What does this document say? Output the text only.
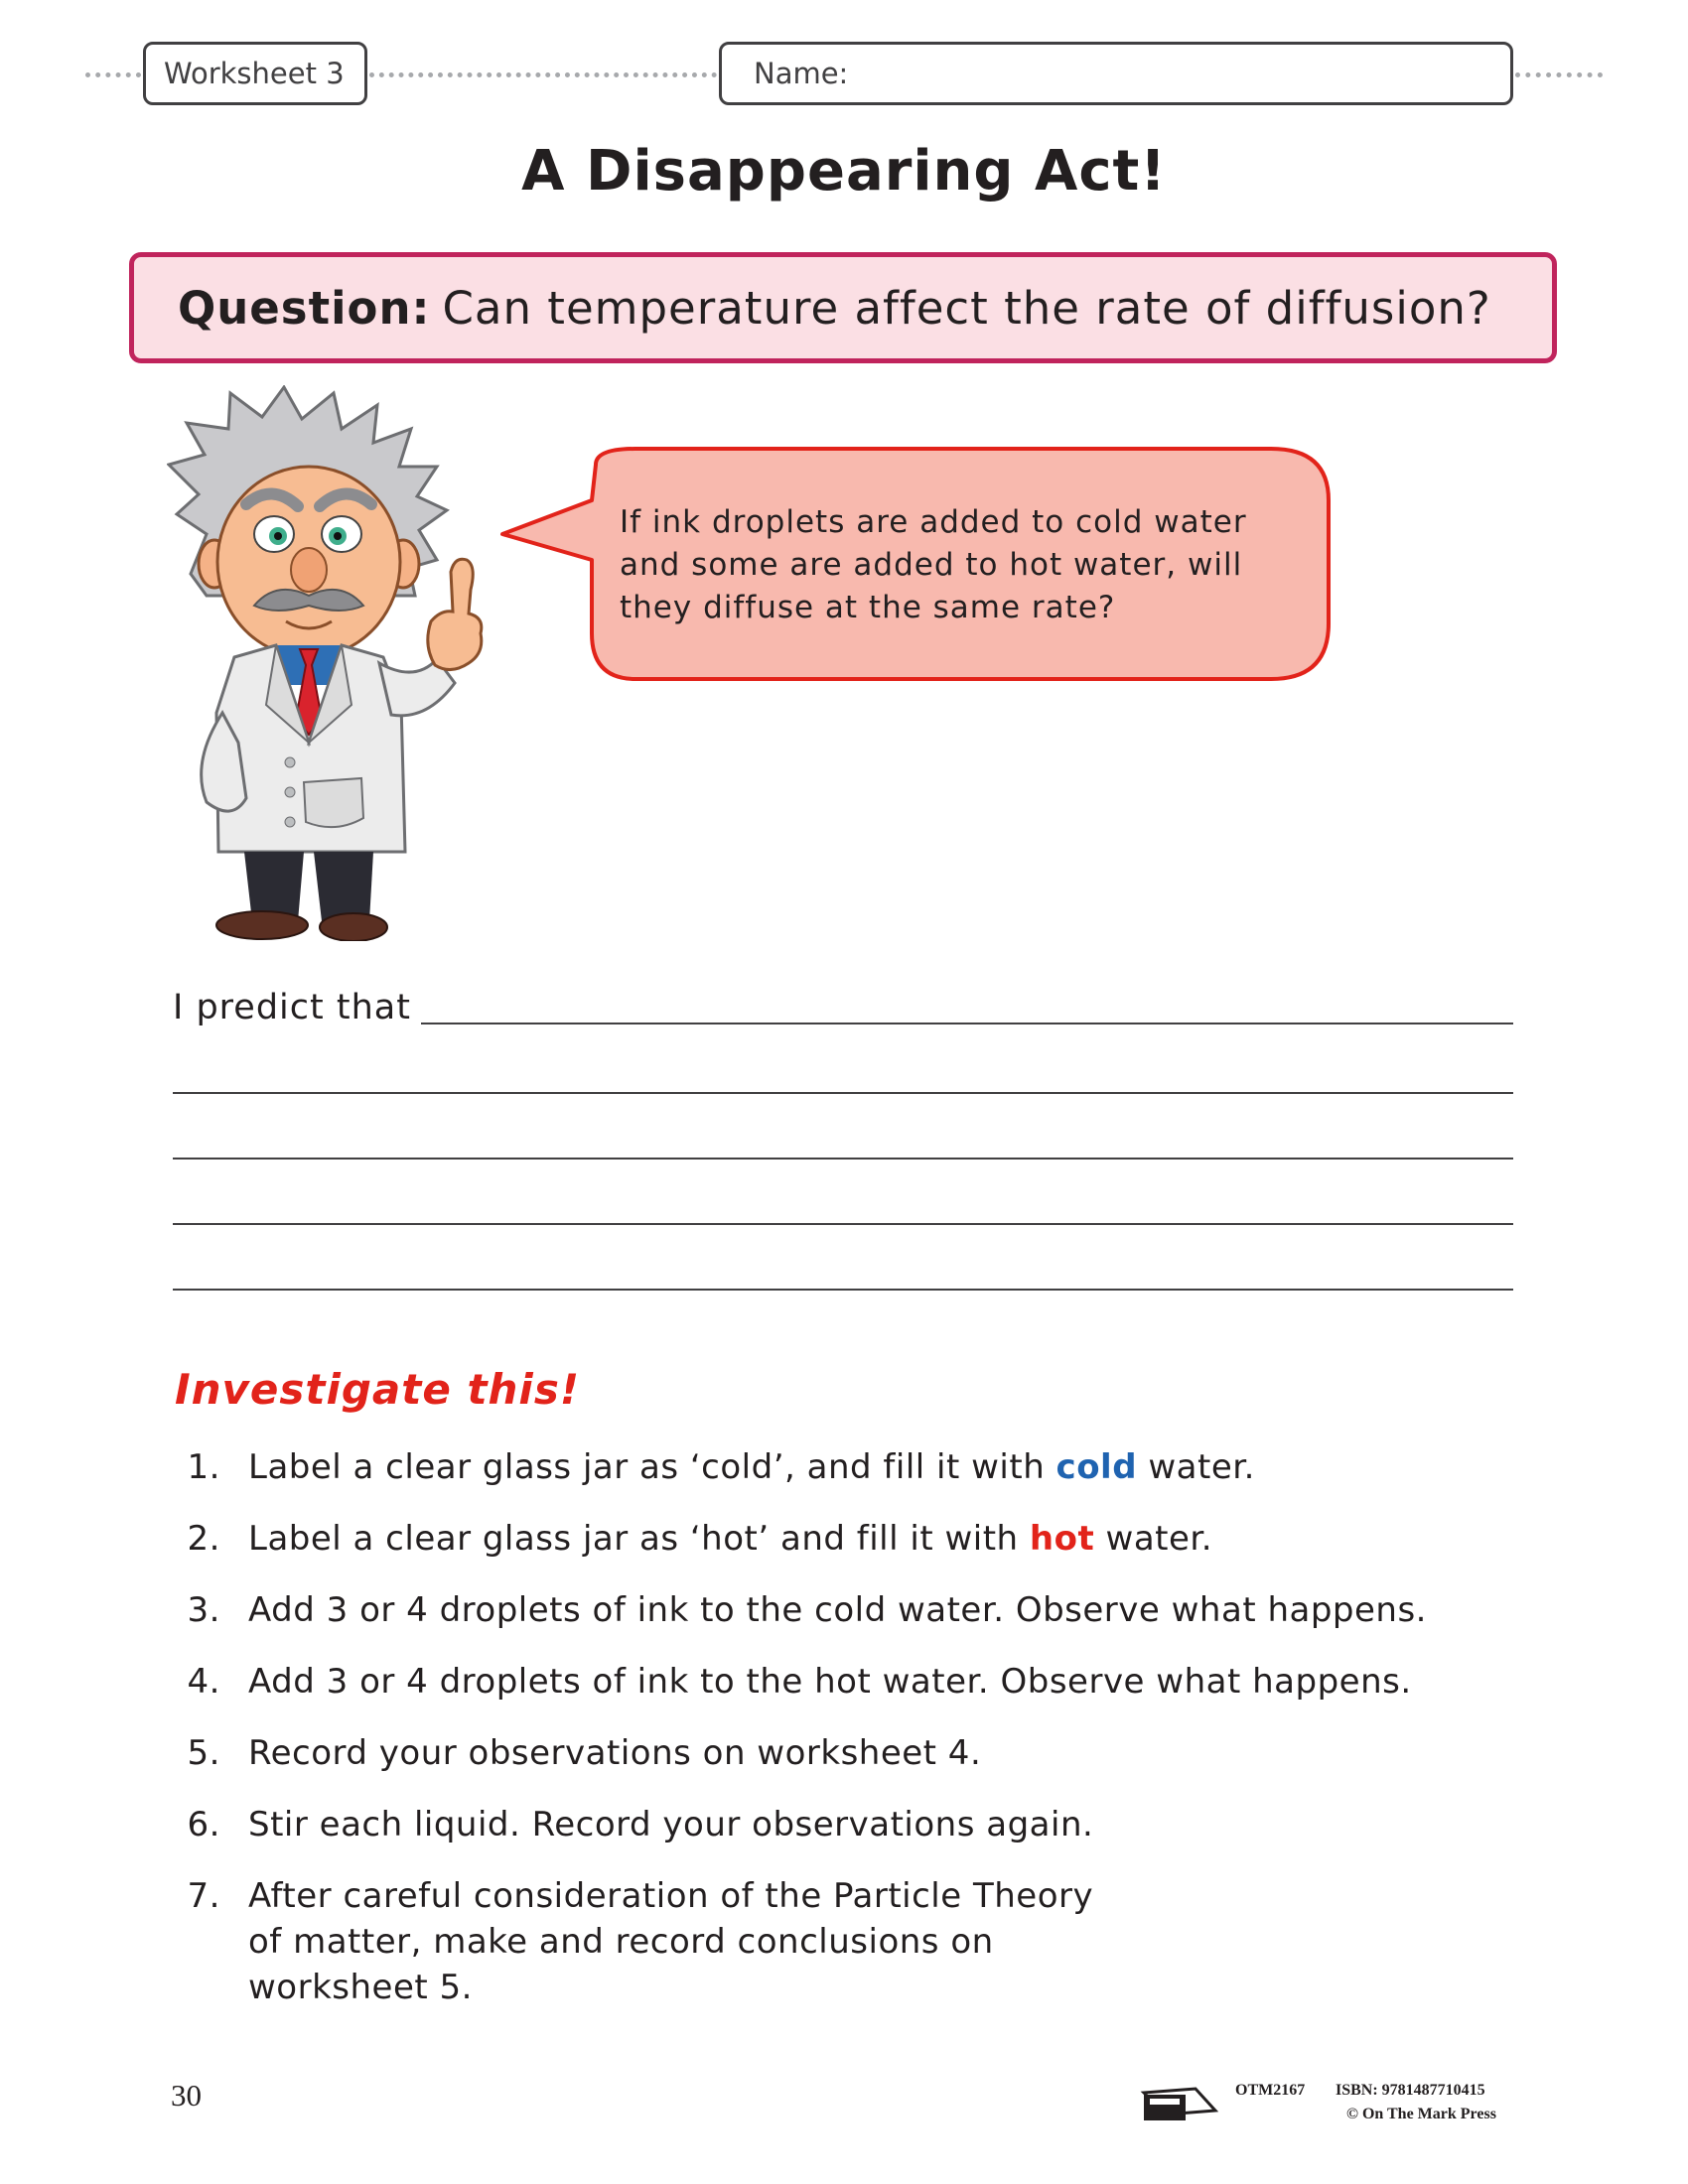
Worksheet 3	Name:
A Disappearing Act!
Question: Can temperature affect the rate of diffusion?
If ink droplets are added to cold water
and some are added to hot water, will
they diffuse at the same rate?
I predict that
Investigate this!
1. Label a clear glass jar as ‘cold’, and fill it with cold water.
2. Label a clear glass jar as ‘hot’ and fill it with hot water.
3. Add 3 or 4 droplets of ink to the cold water. Observe what happens.
4. Add 3 or 4 droplets of ink to the hot water. Observe what happens.
5. Record your observations on worksheet 4.
6. Stir each liquid. Record your observations again.
7. After careful consideration of the Particle Theory of matter, make and record conclusions on worksheet 5.
30	OTM2167 ISBN: 9781487710415
© On The Mark Press
